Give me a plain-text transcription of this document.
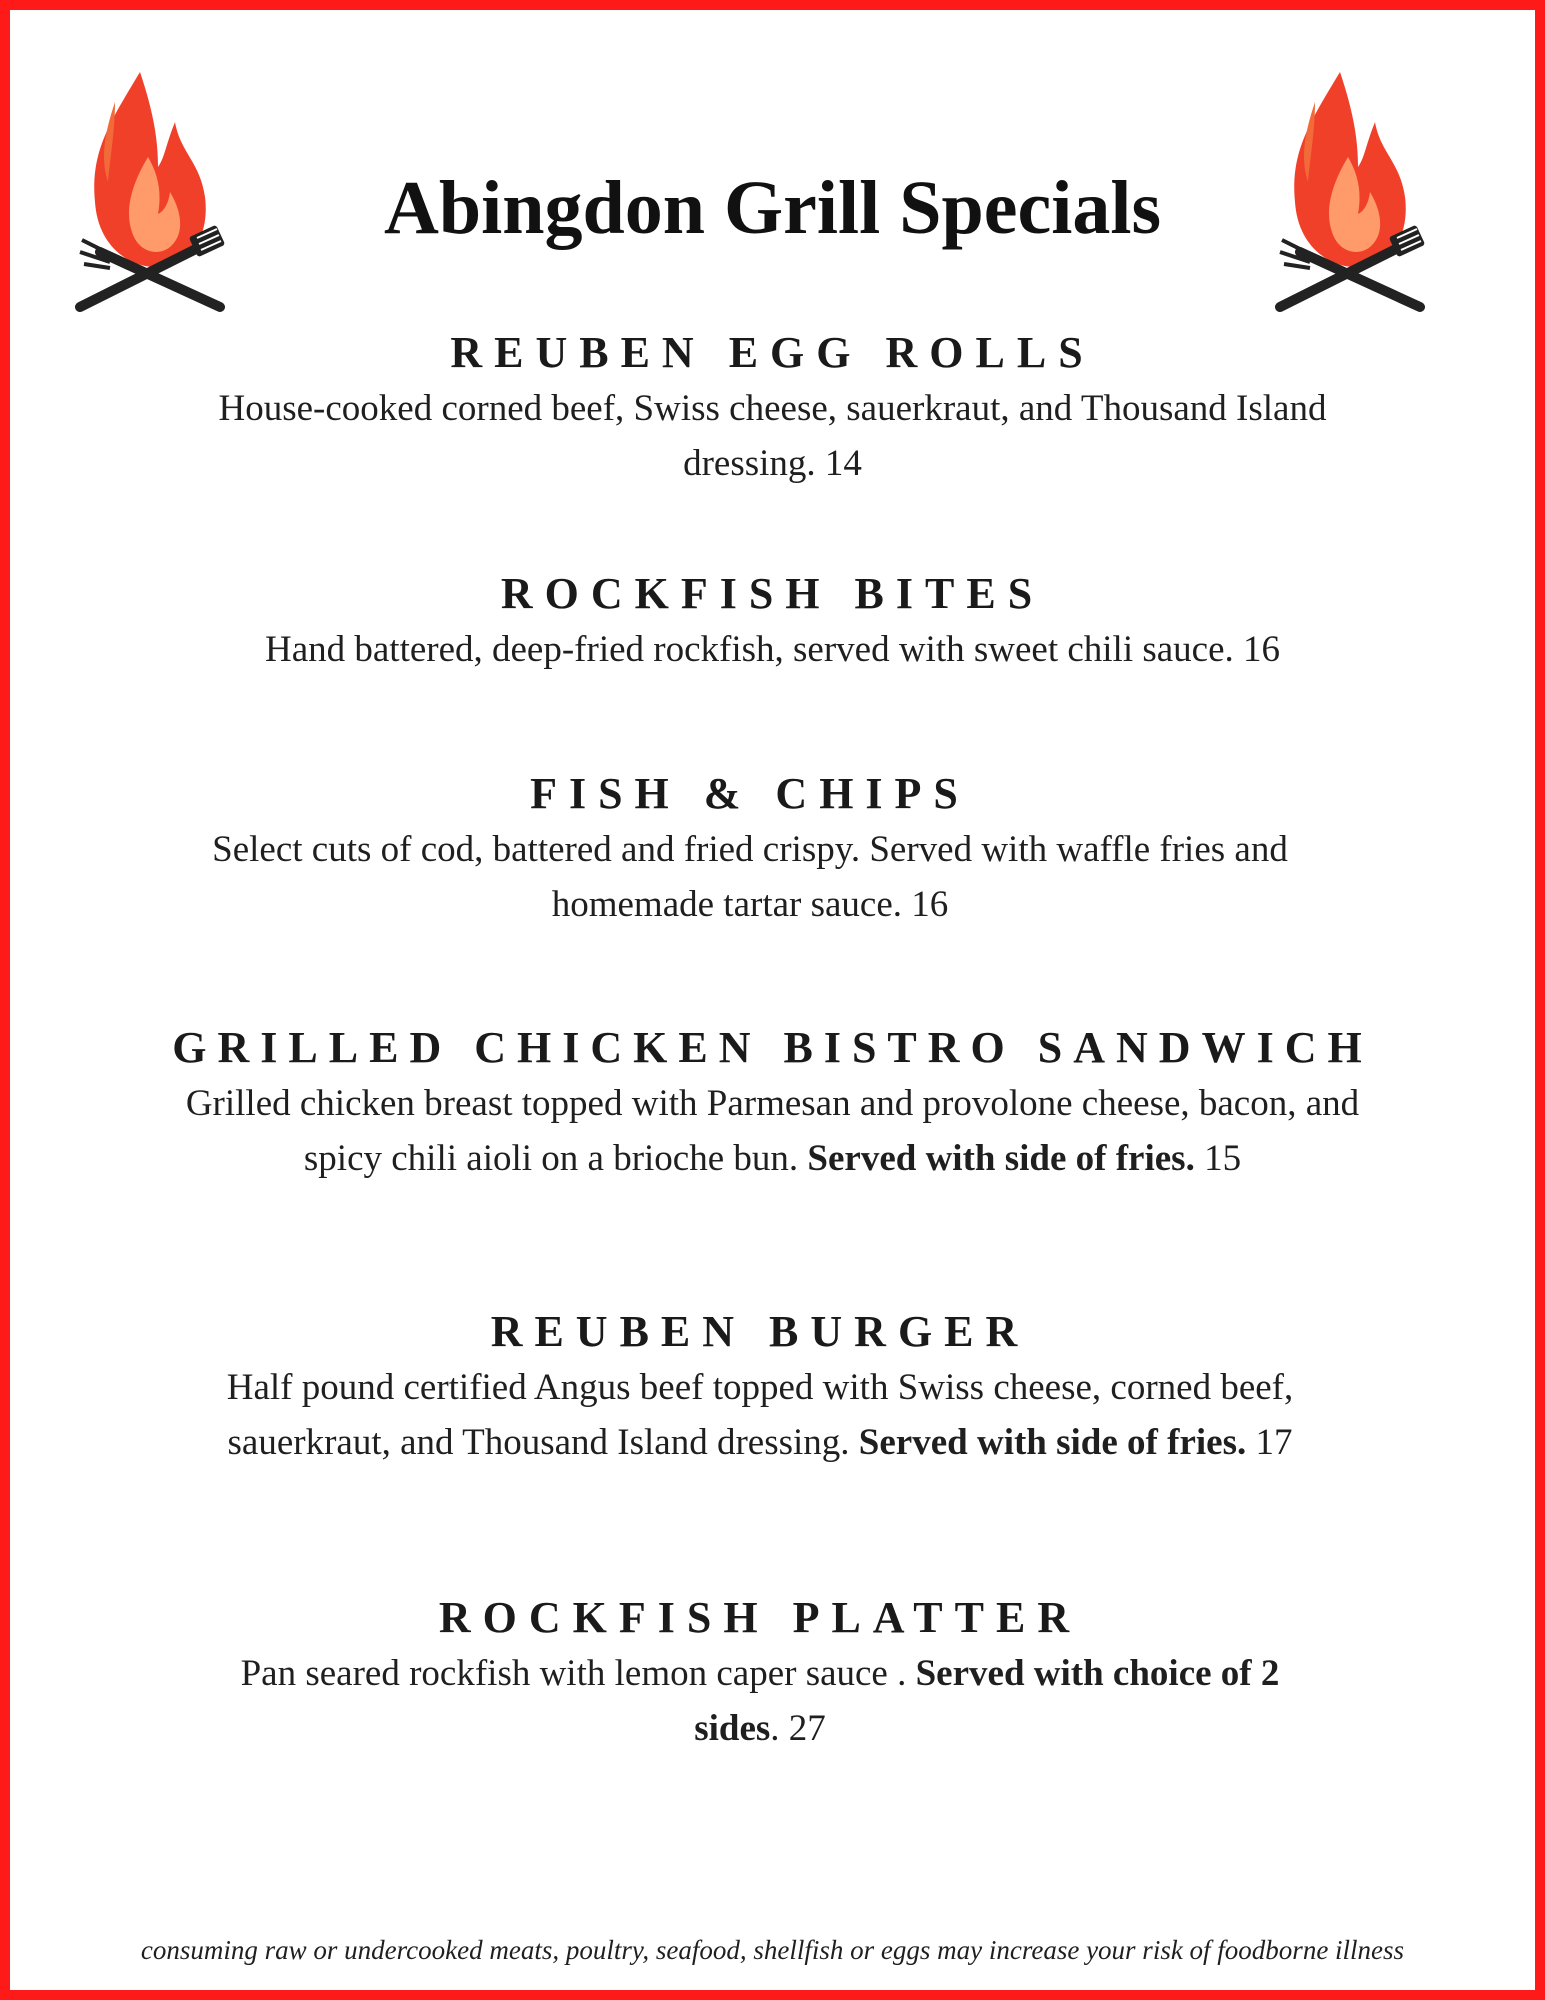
Abingdon Grill Specials
REUBEN EGG ROLLS
House-cooked corned beef, Swiss cheese, sauerkraut, and Thousand Island dressing. 14
ROCKFISH BITES
Hand battered, deep-fried rockfish, served with sweet chili sauce. 16
FISH & CHIPS
Select cuts of cod, battered and fried crispy. Served with waffle fries and homemade tartar sauce. 16
GRILLED CHICKEN BISTRO SANDWICH
Grilled chicken breast topped with Parmesan and provolone cheese, bacon, and spicy chili aioli on a brioche bun. Served with side of fries. 15
REUBEN BURGER
Half pound certified Angus beef topped with Swiss cheese, corned beef, sauerkraut, and Thousand Island dressing. Served with side of fries. 17
ROCKFISH PLATTER
Pan seared rockfish with lemon caper sauce . Served with choice of 2 sides. 27
consuming raw or undercooked meats, poultry, seafood, shellfish or eggs may increase your risk of foodborne illness
